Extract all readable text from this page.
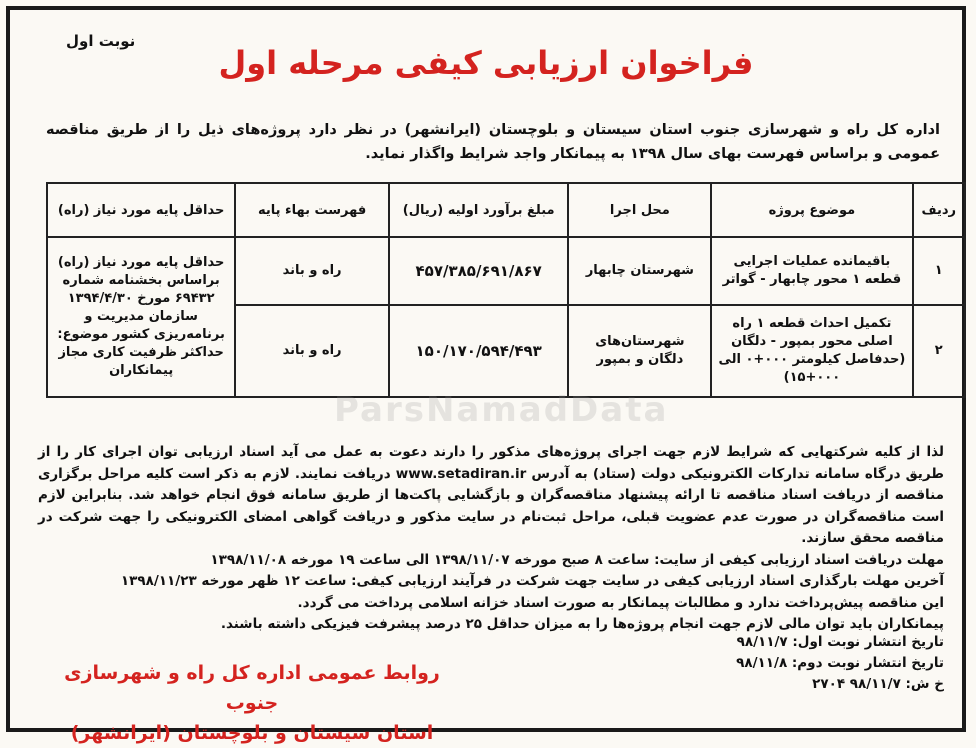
نوبت اول
فراخوان ارزیابی کیفی مرحله اول
اداره کل راه و شهرسازی جنوب استان سیستان و بلوچستان (ایرانشهر) در نظر دارد پروژه‌های ذیل را از طریق مناقصه عمومی و براساس فهرست بهای سال ۱۳۹۸ به پیمانکار واجد شرایط واگذار نماید.
ردیف	موضوع پروژه	محل اجرا	مبلغ برآورد اولیه (ریال)	فهرست بهاء پایه	حداقل پایه مورد نیاز (راه)
۱	باقیمانده عملیات اجرایی قطعه ۱ محور چابهار - گواتر	شهرستان چابهار	۴۵۷/۳۸۵/۶۹۱/۸۶۷	راه و باند	حداقل پایه مورد نیاز (راه) براساس بخشنامه شماره ۶۹۴۳۲ مورخ ۱۳۹۴/۴/۳۰ سازمان مدیریت و برنامه‌ریزی کشور موضوع: حداکثر ظرفیت کاری مجاز پیمانکاران
۲	تکمیل احداث قطعه ۱ راه اصلی محور بمپور - دلگان (حدفاصل کیلومتر ۰۰۰+۰ الی ۰۰۰+۱۵)	شهرستان‌های دلگان و بمپور	۱۵۰/۱۷۰/۵۹۴/۴۹۳	راه و باند	
ParsNamadData

لذا از کلیه شرکتهایی که شرایط لازم جهت اجرای پروژه‌های مذکور را دارند دعوت به عمل می آید اسناد ارزیابی توان اجرای کار را از طریق درگاه سامانه تدارکات الکترونیکی دولت (ستاد) به آدرس www.setadiran.ir دریافت نمایند. لازم به ذکر است کلیه مراحل برگزاری مناقصه از دریافت اسناد مناقصه تا ارائه پیشنهاد مناقصه‌گران و بازگشایی پاکت‌ها از طریق سامانه فوق انجام خواهد شد. بنابراین لازم است مناقصه‌گران در صورت عدم عضویت قبلی، مراحل ثبت‌نام در سایت مذکور و دریافت گواهی امضای الکترونیکی را جهت شرکت در مناقصه محقق سازند.

مهلت دریافت اسناد ارزیابی کیفی از سایت: ساعت ۸ صبح مورخه ۱۳۹۸/۱۱/۰۷ الی ساعت ۱۹ مورخه ۱۳۹۸/۱۱/۰۸

آخرین مهلت بارگذاری اسناد ارزیابی کیفی در سایت جهت شرکت در فرآیند ارزیابی کیفی: ساعت ۱۲ ظهر مورخه ۱۳۹۸/۱۱/۲۳

این مناقصه پیش‌پرداخت ندارد و مطالبات پیمانکار به صورت اسناد خزانه اسلامی پرداخت می گردد.

پیمانکاران باید توان مالی لازم جهت انجام پروژه‌ها را به میزان حداقل ۲۵ درصد پیشرفت فیزیکی داشته باشند.

تاریخ انتشار نوبت اول: ۹۸/۱۱/۷
تاریخ انتشار نوبت دوم: ۹۸/۱۱/۸
خ ش: ۹۸/۱۱/۷ ۲۷۰۴
روابط عمومی اداره کل راه و شهرسازی جنوب
استان سیستان و بلوچستان (ایرانشهر)
